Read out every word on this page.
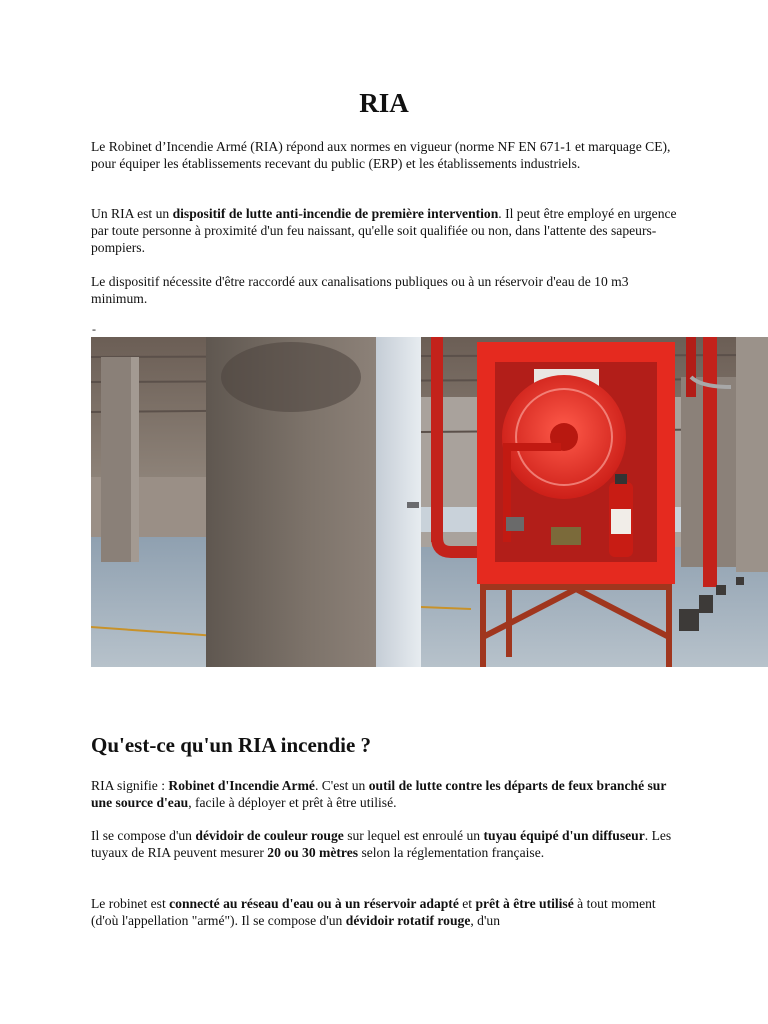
RIA

Le Robinet d’Incendie Armé (RIA) répond aux normes en vigueur (norme NF EN 671-1 et marquage CE), pour équiper les établissements recevant du public (ERP) et les établissements industriels.

Un RIA est un dispositif de lutte anti-incendie de première intervention. Il peut être employé en urgence par toute personne à proximité d'un feu naissant, qu'elle soit qualifiée ou non, dans l'attente des sapeurs-pompiers.

Le dispositif nécessite d'être raccordé aux canalisations publiques ou à un réservoir d'eau de 10 m3 minimum.

-
Qu'est-ce qu'un RIA incendie ?

RIA signifie : Robinet d'Incendie Armé. C'est un outil de lutte contre les départs de feux branché sur une source d'eau, facile à déployer et prêt à être utilisé.

Il se compose d'un dévidoir de couleur rouge sur lequel est enroulé un tuyau équipé d'un diffuseur. Les tuyaux de RIA peuvent mesurer 20 ou 30 mètres selon la réglementation française.

Le robinet est connecté au réseau d'eau ou à un réservoir adapté et prêt à être utilisé à tout moment (d'où l'appellation "armé"). Il se compose d'un dévidoir rotatif rouge, d'un
